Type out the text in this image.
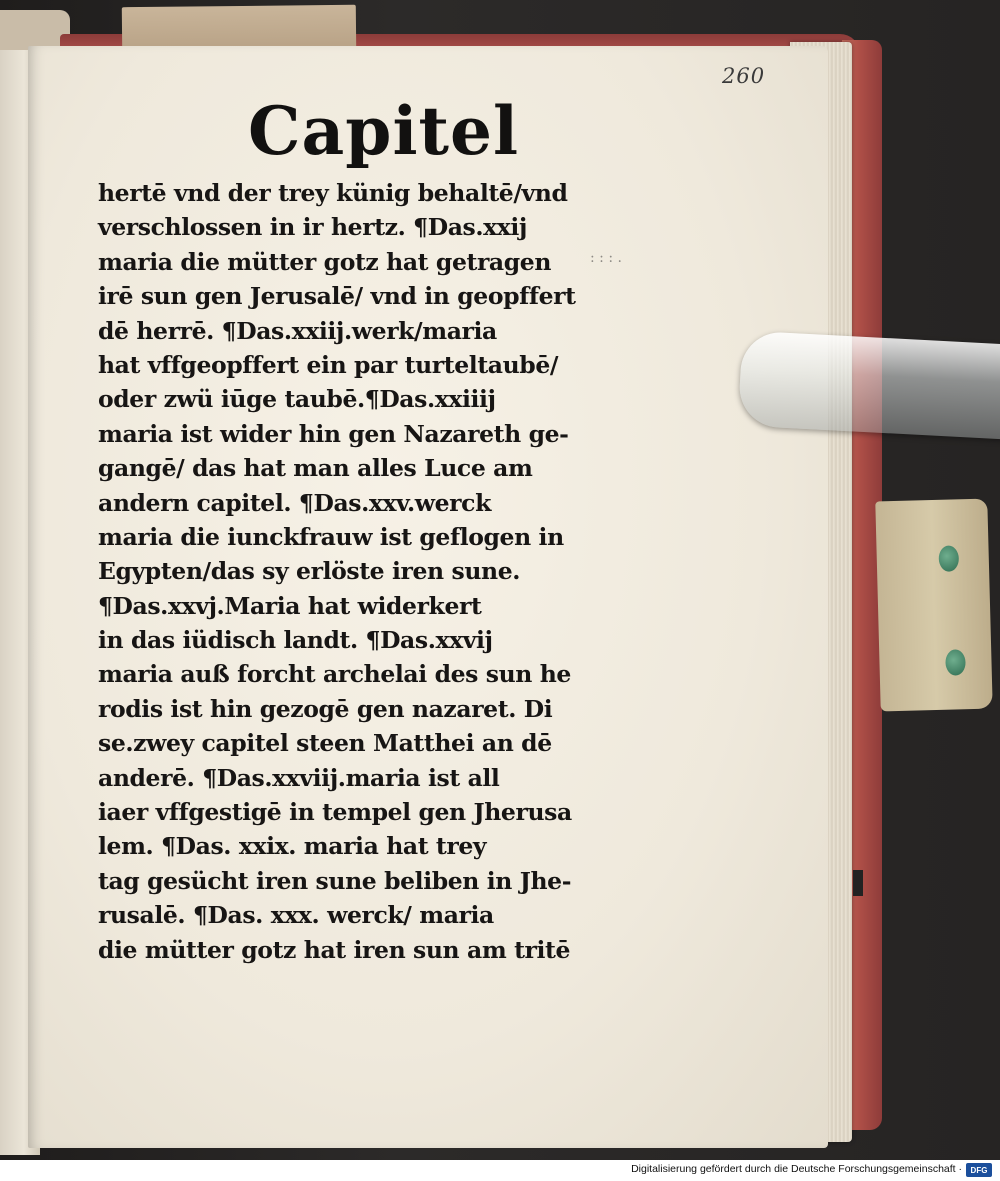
260
Capitel
: : : .
hertē vnd der trey künig behaltē/vnd
verschlossen in ir hertz. ¶Das.xxij
maria die mütter gotz hat getragen
irē sun gen Jerusalē/ vnd in geopffert
dē herrē. ¶Das.xxiij.werk/maria
hat vffgeopffert ein par turteltaubē/
oder zwü iūge taubē.¶Das.xxiiij
maria ist wider hin gen Nazareth ge-
gangē/ das hat man alles Luce am
andern capitel. ¶Das.xxv.werck
maria die iunckfrauw ist geflogen in
Egypten/das sy erlöste iren sune.
¶Das.xxvj.Maria hat widerkert
in das iüdisch landt. ¶Das.xxvij
maria auß forcht archelai des sun he
rodis ist hin gezogē gen nazaret. Di
se.zwey capitel steen Matthei an dē
anderē. ¶Das.xxviij.maria ist all
iaer vffgestigē in tempel gen Jherusa
lem. ¶Das. xxix. maria hat trey
tag gesücht iren sune beliben in Jhe-
rusalē. ¶Das. xxx. werck/ maria
die mütter gotz hat iren sun am tritē
Digitalisierung gefördert durch die Deutsche Forschungsgemeinschaft ·	DFG
